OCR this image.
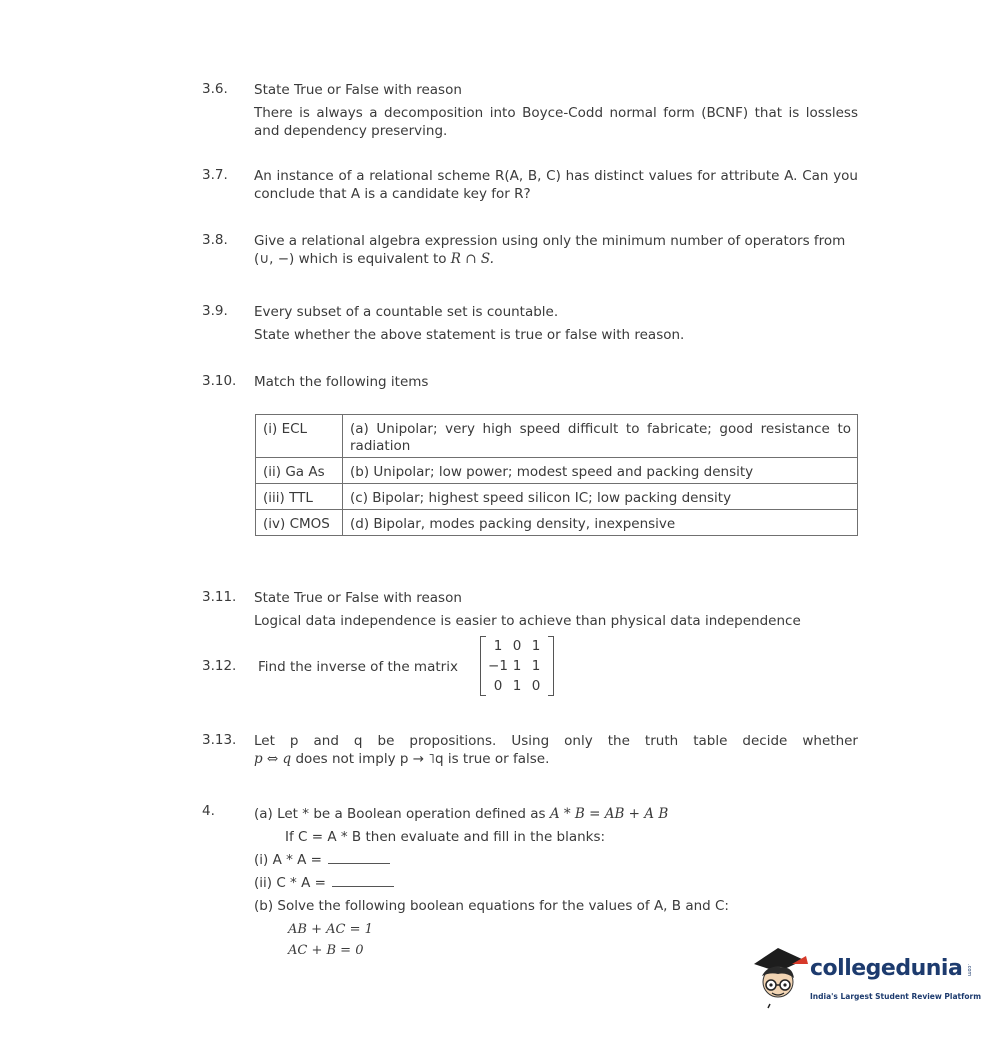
3.6. State True or False with reason

There is always a decomposition into Boyce-Codd normal form (BCNF) that is lossless and dependency preserving.

3.7. An instance of a relational scheme R(A, B, C) has distinct values for attribute A. Can you conclude that A is a candidate key for R?

3.8. Give a relational algebra expression using only the minimum number of operators from (∪, −) which is equivalent to R ∩ S.

3.9. Every subset of a countable set is countable.

State whether the above statement is true or false with reason.

3.10. Match the following items

(i) ECL	(a) Unipolar; very high speed difficult to fabricate; good resistance to radiation
(ii) Ga As	(b) Unipolar; low power; modest speed and packing density
(iii) TTL	(c) Bipolar; highest speed silicon IC; low packing density
(iv) CMOS	(d) Bipolar, modes packing density, inexpensive
3.11. State True or False with reason

Logical data independence is easier to achieve than physical data independence

3.12. Find the inverse of the matrix

1 0 1
−1 1 1
0 1 0
3.13. Let p and q be propositions. Using only the truth table decide whether

p ⇔ q does not imply p → ˥q is true or false.

4.	(a) Let * be a Boolean operation defined as A * B = AB + A B

If C = A * B then evaluate and fill in the blanks:

(i) A * A =

(ii) C * A =

(b) Solve the following boolean equations for the values of A, B and C:

AB + AC = 1

AC + B = 0

collegedunia .com
India's Largest Student Review Platform
